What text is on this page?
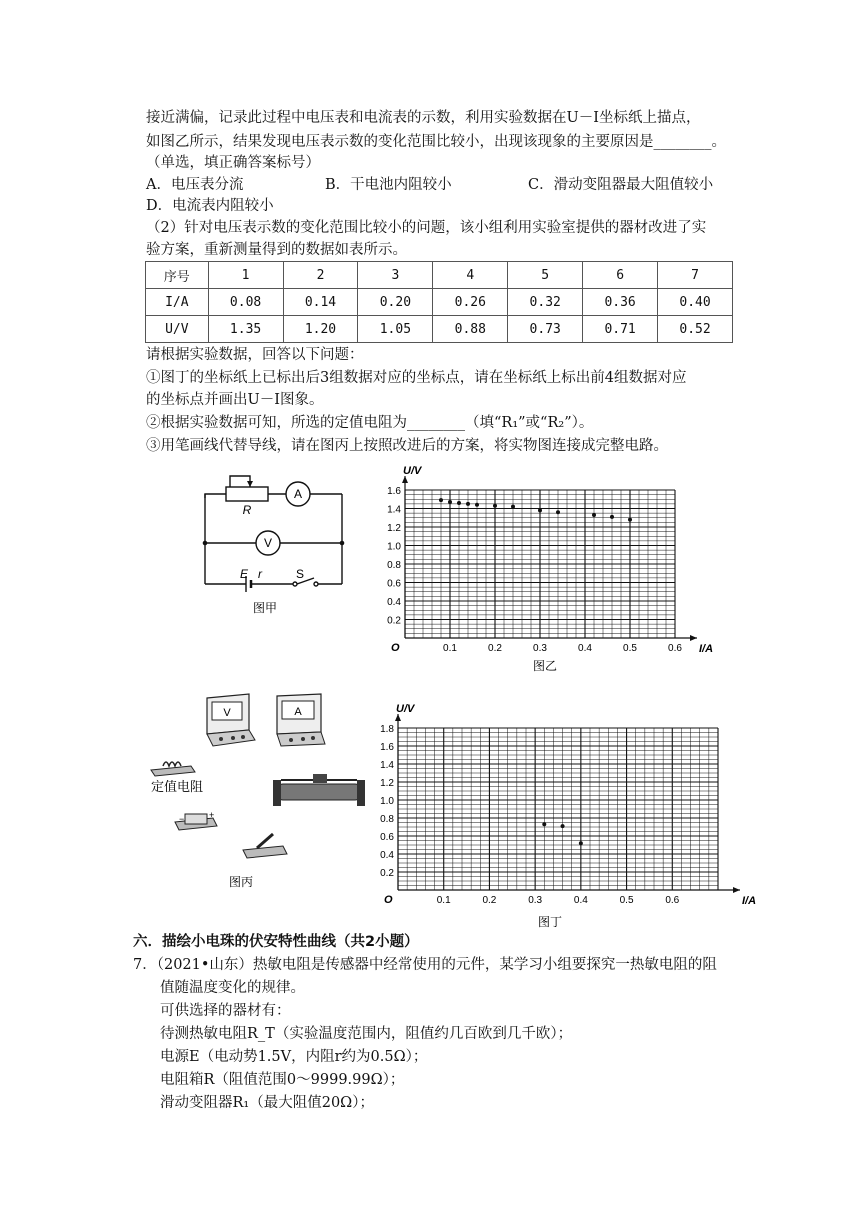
接近满偏，记录此过程中电压表和电流表的示数，利用实验数据在U－I坐标纸上描点，
如图乙所示，结果发现电压表示数的变化范围比较小，出现该现象的主要原因是________。
（单选，填正确答案标号）
A．电压表分流	B．干电池内阻较小	C．滑动变阻器最大阻值较小
D．电流表内阻较小
（2）针对电压表示数的变化范围比较小的问题，该小组利用实验室提供的器材改进了实
验方案，重新测量得到的数据如表所示。
序号	1	2	3	4	5	6	7
I/A	0.08	0.14	0.20	0.26	0.32	0.36	0.40
U/V	1.35	1.20	1.05	0.88	0.73	0.71	0.52
请根据实验数据，回答以下问题：
①图丁的坐标纸上已标出后3组数据对应的坐标点，请在坐标纸上标出前4组数据对应
的坐标点并画出U－I图象。
②根据实验数据可知，所选的定值电阻为________（填“R₁”或“R₂”）。
③用笔画线代替导线，请在图丙上按照改进后的方案，将实物图连接成完整电路。
R
A
V
E r	S
图甲
0.1	0.2	0.3	0.4	0.5	0.6
0.2
0.4
0.6
0.8
1.0
1.2
1.4
1.6
O	I/A
U/V
图乙
V	A
定值电阻
−	+
图丙
0.1	0.2	0.3	0.4	0.5	0.6
0.2
0.4
0.6
0.8
1.0
1.2
1.4
1.6
1.8
O	I/A
U/V
图丁
六．描绘小电珠的伏安特性曲线（共2小题）
7．（2021•山东）热敏电阻是传感器中经常使用的元件，某学习小组要探究一热敏电阻的阻
值随温度变化的规律。
可供选择的器材有：
待测热敏电阻R_T（实验温度范围内，阻值约几百欧到几千欧）；
电源E（电动势1.5V，内阻r约为0.5Ω）；
电阻箱R（阻值范围0～9999.99Ω）；
滑动变阻器R₁（最大阻值20Ω）；
